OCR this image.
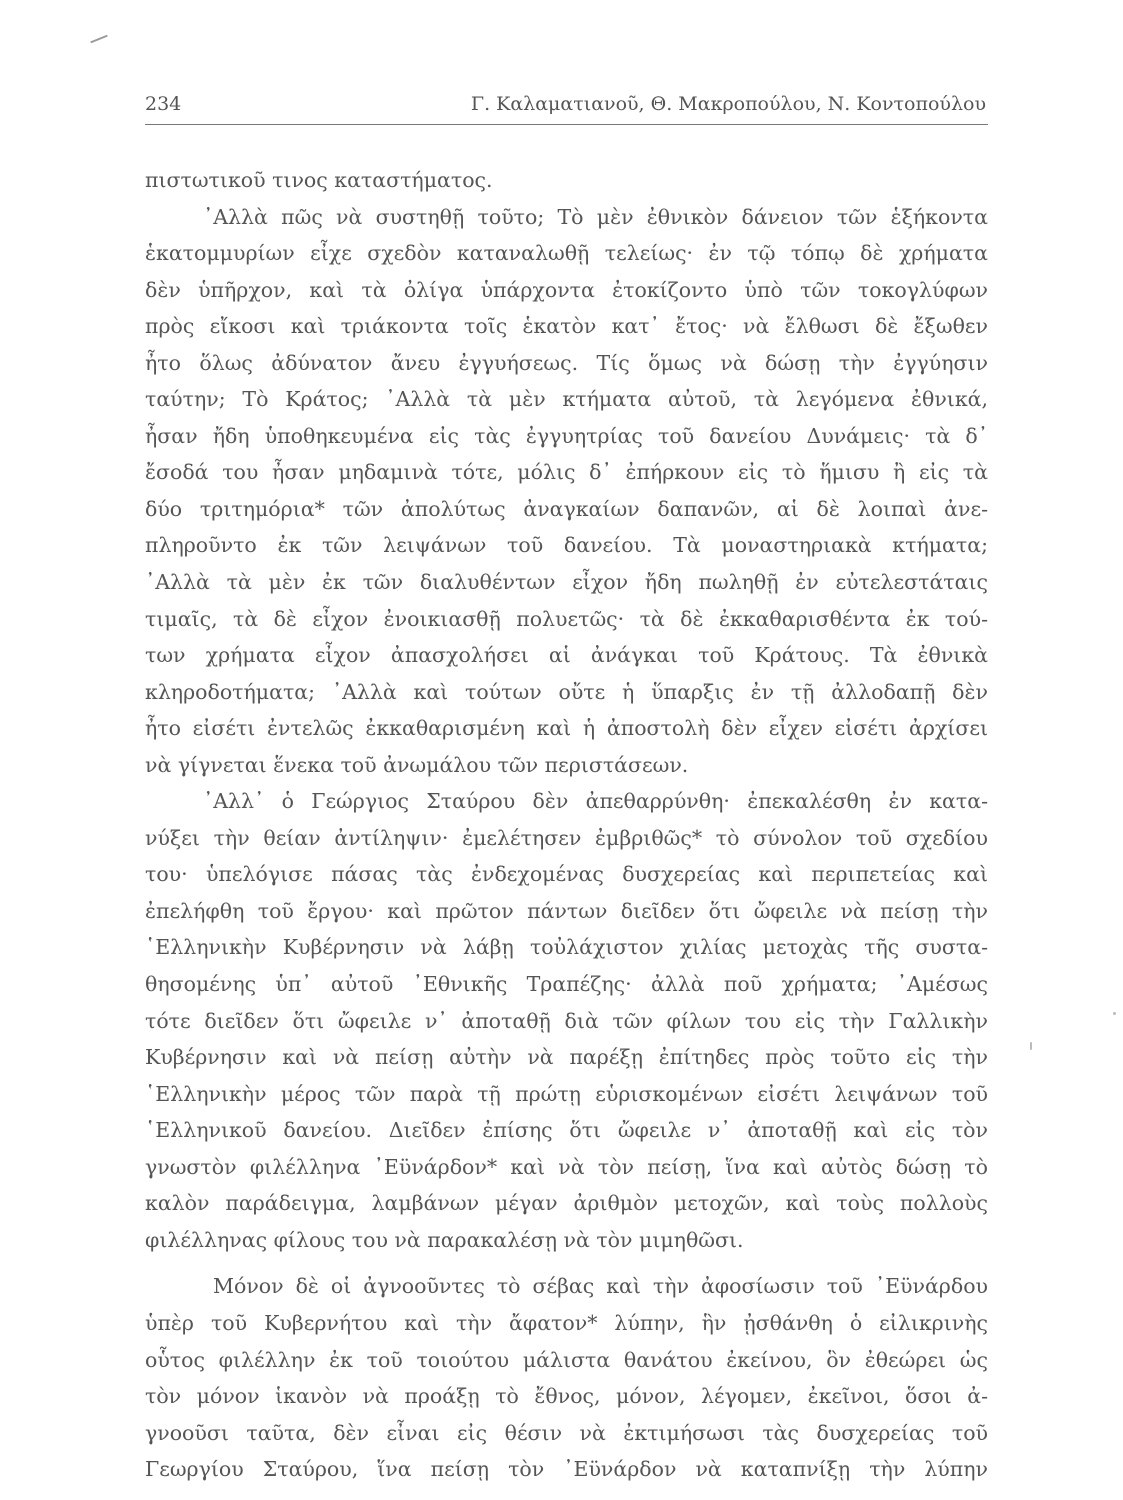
234	Γ. Καλαματιανοῦ, Θ. Μακροπούλου, Ν. Κοντοπούλου
πιστωτικοῦ τινος καταστήματος.
᾿Αλλὰ πῶς νὰ συστηθῇ τοῦτο; Τὸ μὲν ἐθνικὸν δάνειον τῶν ἑξήκοντα
ἑκατομμυρίων εἶχε σχεδὸν καταναλωθῇ τελείως· ἐν τῷ τόπῳ δὲ χρήματα
δὲν ὑπῆρχον, καὶ τὰ ὀλίγα ὑπάρχοντα ἐτοκίζοντο ὑπὸ τῶν τοκογλύφων
πρὸς εἴκοσι καὶ τριάκοντα τοῖς ἑκατὸν κατ᾿ ἔτος· νὰ ἔλθωσι δὲ ἔξωθεν
ἦτο ὅλως ἀδύνατον ἄνευ ἐγγυήσεως. Τίς ὅμως νὰ δώσῃ τὴν ἐγγύησιν
ταύτην; Τὸ Κράτος; ᾿Αλλὰ τὰ μὲν κτήματα αὐτοῦ, τὰ λεγόμενα ἐθνικά,
ἦσαν ἤδη ὑποθηκευμένα εἰς τὰς ἐγγυητρίας τοῦ δανείου Δυνάμεις· τὰ δ᾿
ἔσοδά του ἦσαν μηδαμινὰ τότε, μόλις δ᾿ ἐπήρκουν εἰς τὸ ἥμισυ ἢ εἰς τὰ
δύο τριτημόρια* τῶν ἀπολύτως ἀναγκαίων δαπανῶν, αἱ δὲ λοιπαὶ ἀνε-
πληροῦντο ἐκ τῶν λειψάνων τοῦ δανείου. Τὰ μοναστηριακὰ κτήματα;
᾿Αλλὰ τὰ μὲν ἐκ τῶν διαλυθέντων εἶχον ἤδη πωληθῇ ἐν εὐτελεστάταις
τιμαῖς, τὰ δὲ εἶχον ἐνοικιασθῇ πολυετῶς· τὰ δὲ ἐκκαθαρισθέντα ἐκ τού-
των χρήματα εἶχον ἀπασχολήσει αἱ ἀνάγκαι τοῦ Κράτους. Τὰ ἐθνικὰ
κληροδοτήματα; ᾿Αλλὰ καὶ τούτων οὔτε ἡ ὕπαρξις ἐν τῇ ἀλλοδαπῇ δὲν
ἦτο εἰσέτι ἐντελῶς ἐκκαθαρισμένη καὶ ἡ ἀποστολὴ δὲν εἶχεν εἰσέτι ἀρχίσει
νὰ γίγνεται ἕνεκα τοῦ ἀνωμάλου τῶν περιστάσεων.
᾿Αλλ᾿ ὁ Γεώργιος Σταύρου δὲν ἀπεθαρρύνθη· ἐπεκαλέσθη ἐν κατα-
νύξει τὴν θείαν ἀντίληψιν· ἐμελέτησεν ἐμβριθῶς* τὸ σύνολον τοῦ σχεδίου
του· ὑπελόγισε πάσας τὰς ἐνδεχομένας δυσχερείας καὶ περιπετείας καὶ
ἐπελήφθη τοῦ ἔργου· καὶ πρῶτον πάντων διεῖδεν ὅτι ὤφειλε νὰ πείσῃ τὴν
῾Ελληνικὴν Κυβέρνησιν νὰ λάβῃ τοὐλάχιστον χιλίας μετοχὰς τῆς συστα-
θησομένης ὑπ᾿ αὐτοῦ ᾿Εθνικῆς Τραπέζης· ἀλλὰ ποῦ χρήματα; ᾿Αμέσως
τότε διεῖδεν ὅτι ὤφειλε ν᾿ ἀποταθῇ διὰ τῶν φίλων του εἰς τὴν Γαλλικὴν
Κυβέρνησιν καὶ νὰ πείσῃ αὐτὴν νὰ παρέξῃ ἐπίτηδες πρὸς τοῦτο εἰς τὴν
῾Ελληνικὴν μέρος τῶν παρὰ τῇ πρώτῃ εὑρισκομένων εἰσέτι λειψάνων τοῦ
῾Ελληνικοῦ δανείου. Διεῖδεν ἐπίσης ὅτι ὤφειλε ν᾿ ἀποταθῇ καὶ εἰς τὸν
γνωστὸν φιλέλληνα ᾿Εϋνάρδον* καὶ νὰ τὸν πείσῃ, ἵνα καὶ αὐτὸς δώσῃ τὸ
καλὸν παράδειγμα, λαμβάνων μέγαν ἀριθμὸν μετοχῶν, καὶ τοὺς πολλοὺς
φιλέλληνας φίλους του νὰ παρακαλέσῃ νὰ τὸν μιμηθῶσι.
Μόνον δὲ οἱ ἀγνοοῦντες τὸ σέβας καὶ τὴν ἀφοσίωσιν τοῦ ᾿Εϋνάρδου
ὑπὲρ τοῦ Κυβερνήτου καὶ τὴν ἄφατον* λύπην, ἣν ᾐσθάνθη ὁ εἰλικρινὴς
οὗτος φιλέλλην ἐκ τοῦ τοιούτου μάλιστα θανάτου ἐκείνου, ὃν ἐθεώρει ὡς
τὸν μόνον ἱκανὸν νὰ προάξῃ τὸ ἔθνος, μόνον, λέγομεν, ἐκεῖνοι, ὅσοι ἀ-
γνοοῦσι ταῦτα, δὲν εἶναι εἰς θέσιν νὰ ἐκτιμήσωσι τὰς δυσχερείας τοῦ
Γεωργίου Σταύρου, ἵνα πείσῃ τὸν ᾿Εϋνάρδον νὰ καταπνίξῃ τὴν λύπην
